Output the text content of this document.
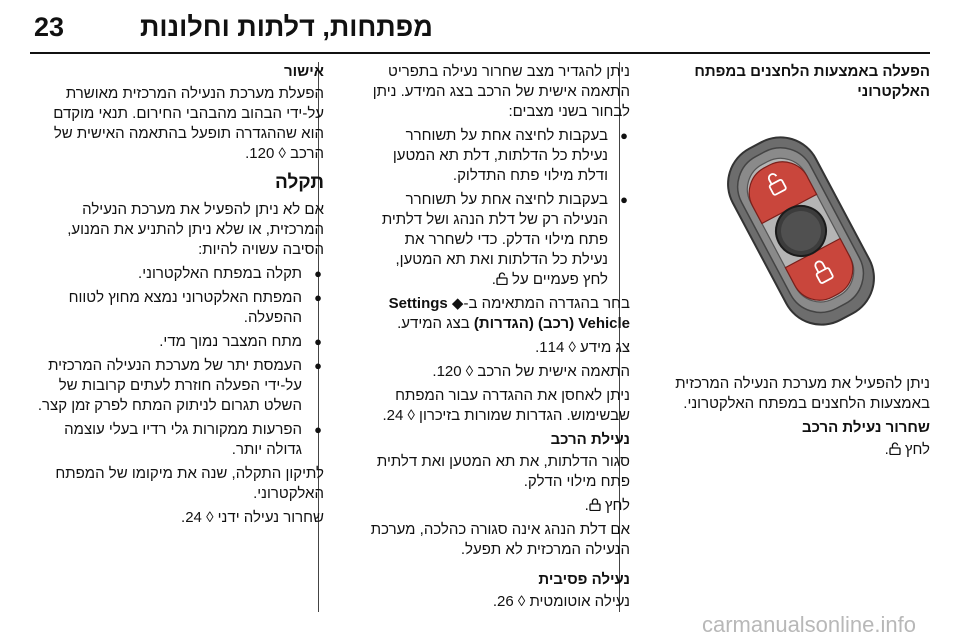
23	מפתחות, דלתות וחלונות
הפעלה באמצעות הלחצנים במפתח האלקטרוני

ניתן להפעיל את מערכת הנעילה המרכזית באמצעות הלחצנים במפתח האלקטרוני.

שחרור נעילת הרכב

לחץ .

ניתן להגדיר מצב שחרור נעילה בתפריט התאמה אישית של הרכב בצג המידע. ניתן לבחור בשני מצבים:

●
בעקבות לחיצה אחת על תשוחרר נעילת כל הדלתות, דלת תא המטען ודלת מילוי פתח התדלוק.
●
בעקבות לחיצה אחת על תשוחרר הנעילה רק של דלת הנהג ושל דלתית פתח מילוי הדלק. כדי לשחרר את נעילת כל הדלתות ואת תא המטען, לחץ פעמיים על .

בחר בהגדרה המתאימה ב-Settings ◆ Vehicle (רכב) (הגדרות) בצג המידע.

צג מידע ◊ 114.

התאמה אישית של הרכב ◊ 120.

ניתן לאחסן את ההגדרה עבור המפתח שבשימוש. הגדרות שמורות בזיכרון ◊ 24.

נעילת הרכב

סגור הדלתות, את תא המטען ואת דלתית פתח מילוי הדלק.

לחץ .

אם דלת הנהג אינה סגורה כהלכה, מערכת הנעילה המרכזית לא תפעל.

נעילה פסיבית

נעילה אוטומטית ◊ 26.

אישור

הפעלת מערכת הנעילה המרכזית מאושרת על-ידי הבהוב מהבהבי החירום. תנאי מוקדם הוא שההגדרה תופעל בהתאמה האישית של הרכב ◊ 120.

תקלה

אם לא ניתן להפעיל את מערכת הנעילה המרכזית, או שלא ניתן להתניע את המנוע, הסיבה עשויה להיות:

●
תקלה במפתח האלקטרוני.
●
המפתח האלקטרוני נמצא מחוץ לטווח ההפעלה.
●
מתח המצבר נמוך מדי.
●
העמסת יתר של מערכת הנעילה המרכזית על-ידי הפעלה חוזרת לעתים קרובות של השלט תגרום לניתוק המתח לפרק זמן קצר.
●
הפרעות ממקורות גלי רדיו בעלי עוצמה גדולה יותר.

לתיקון התקלה, שנה את מיקומו של המפתח האלקטרוני.

שחרור נעילה ידני ◊ 24.

carmanualsonline.info
